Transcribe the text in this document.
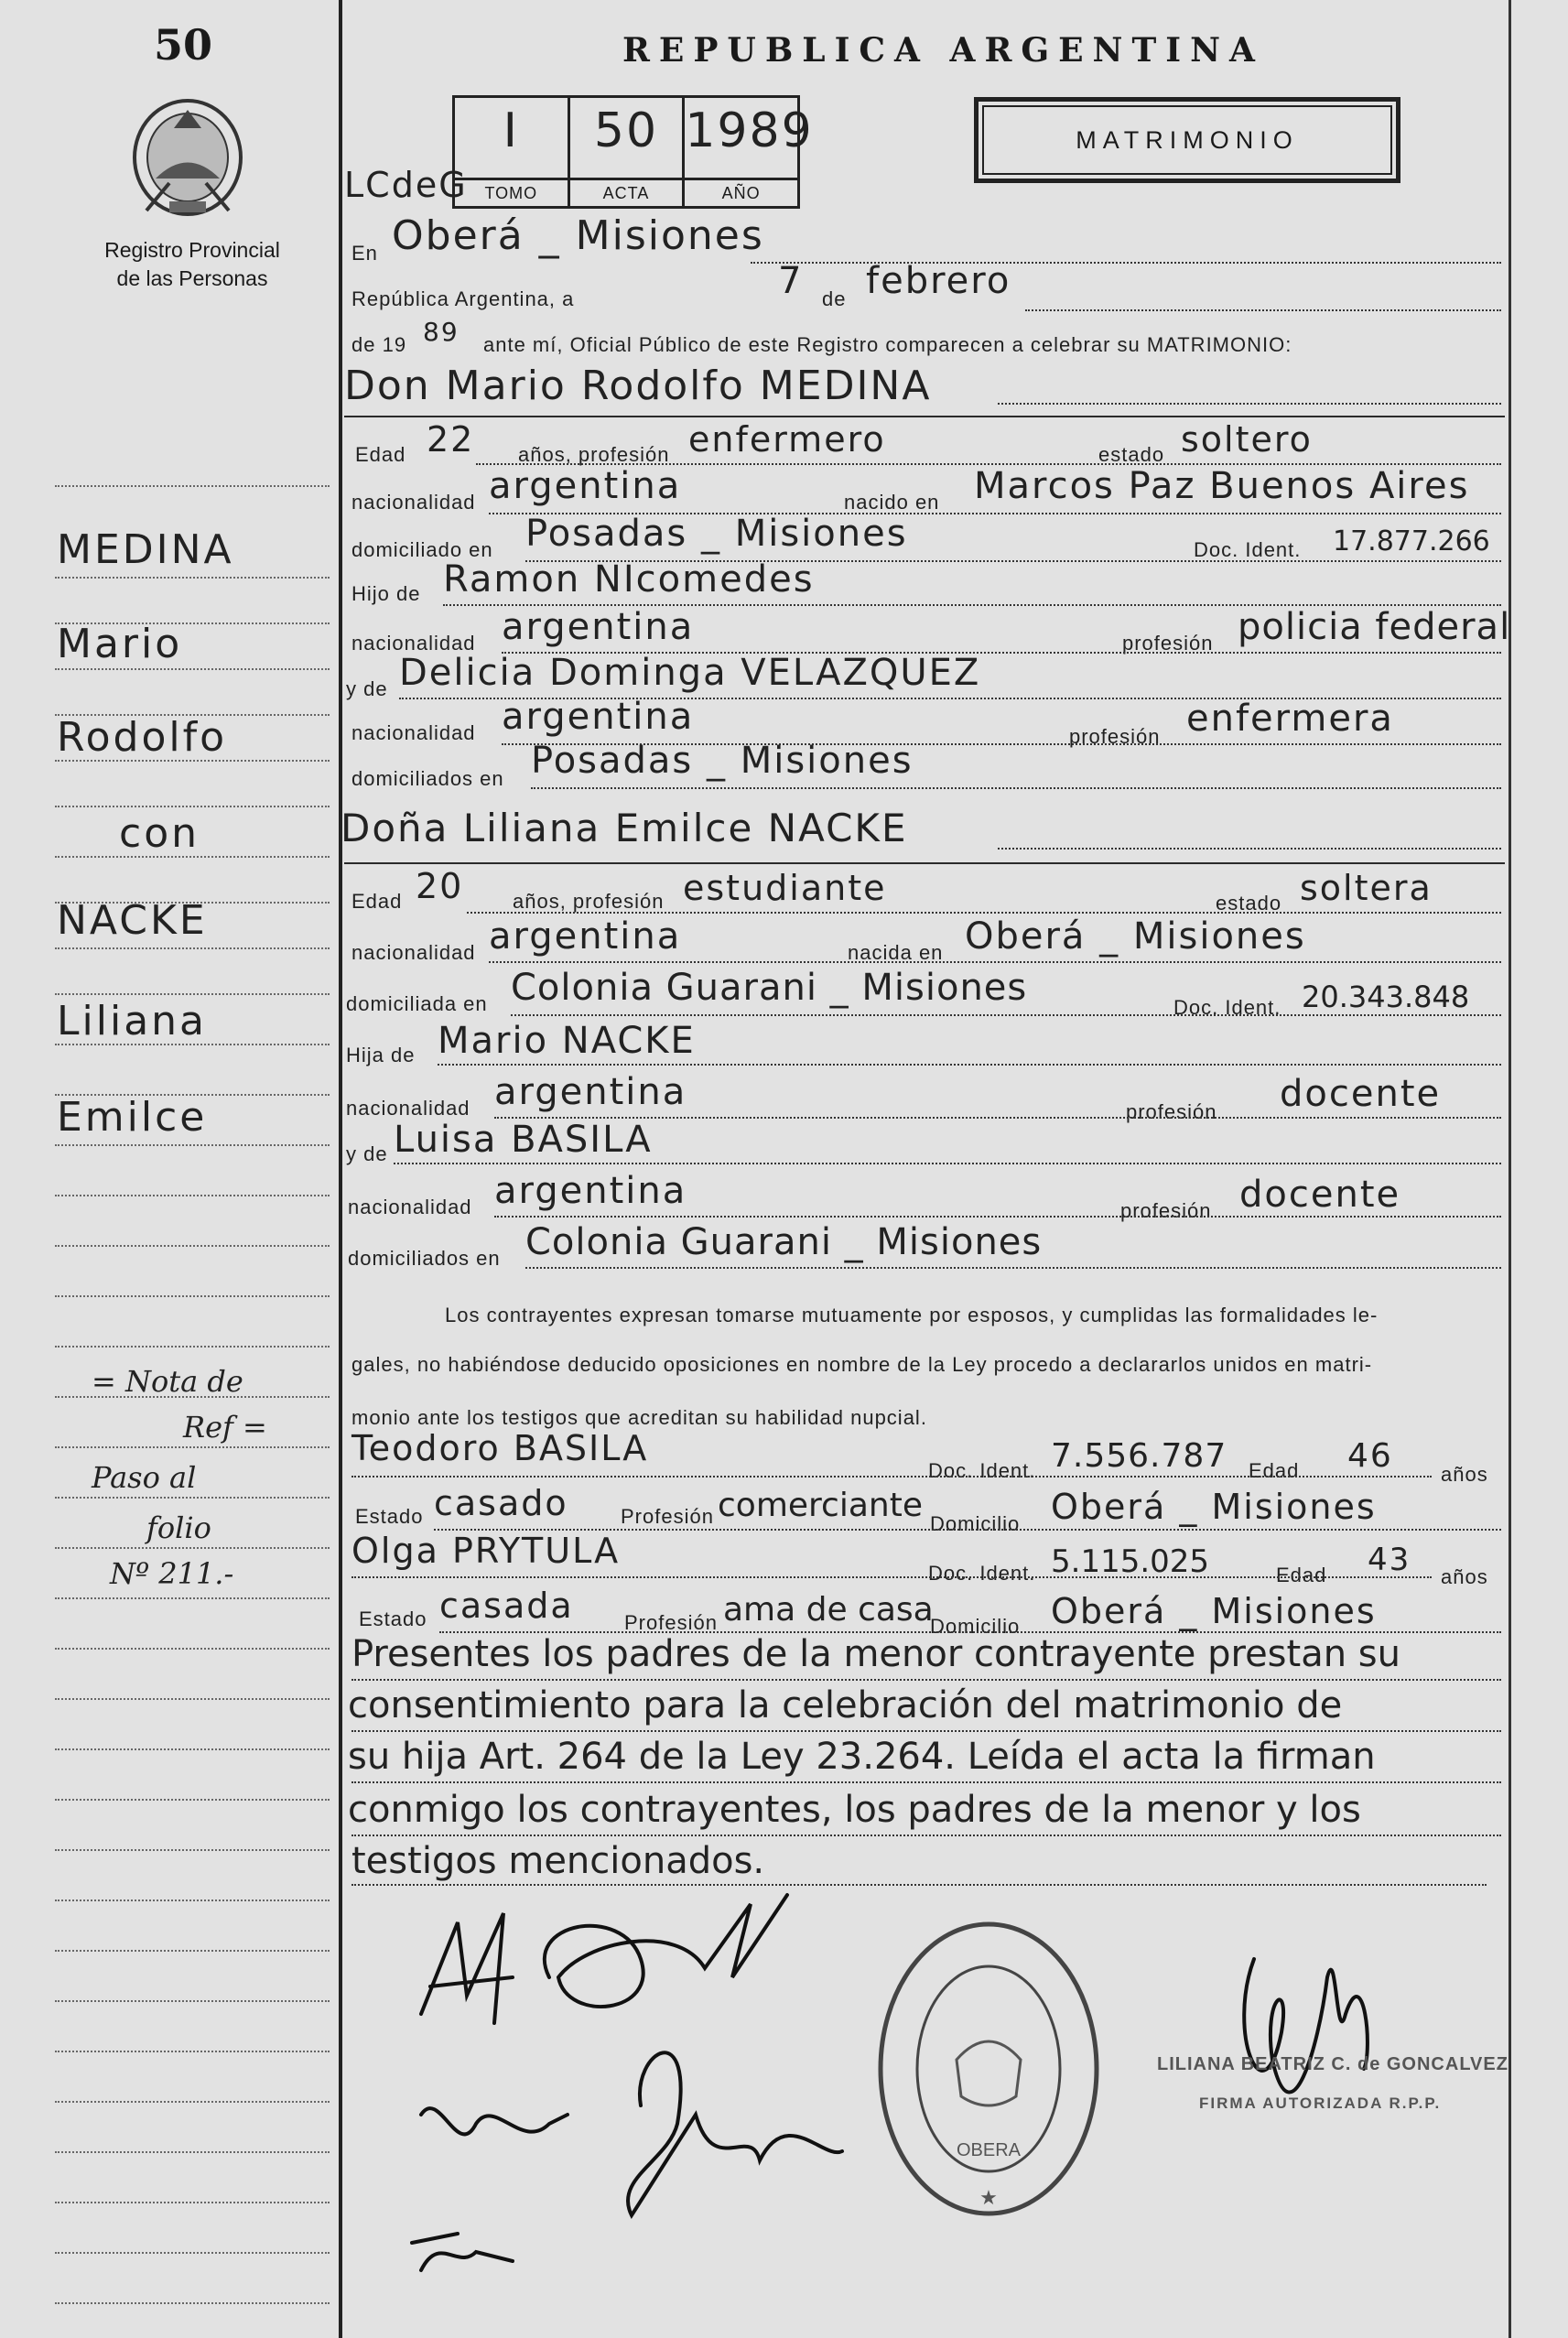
50	REPUBLICA ARGENTINA
Registro Provincial
de las Personas
LCdeG
I
TOMO
50
ACTA
1989
AÑO
MATRIMONIO
MEDINA
Mario
Rodolfo
con
NACKE
Liliana
Emilce
= Nota de
Ref =
Paso al
folio
Nº 211.-
En Oberá _ Misiones
República Argentina, a	7 de febrero
de 19 89 ante mí, Oficial Público de este Registro comparecen a celebrar su MATRIMONIO:
Don Mario Rodolfo MEDINA
Edad 22 años, profesión enfermero	estado soltero
nacionalidad argentina	nacido en Marcos Paz Buenos Aires
domiciliado en Posadas _ Misiones	Doc. Ident. 17.877.266
Hijo de Ramon NIcomedes
nacionalidad argentina	profesión policia federal
y de Delicia Dominga VELAZQUEZ
nacionalidad argentina	profesión enfermera
domiciliados en Posadas _ Misiones
Doña Liliana Emilce NACKE
Edad 20 años, profesión estudiante	estado soltera
nacionalidad argentina	nacida en Oberá _ Misiones
domiciliada en Colonia Guarani _ Misiones	Doc. Ident. 20.343.848
Hija de Mario NACKE
nacionalidad argentina	profesión docente
y de Luisa BASILA
nacionalidad argentina	profesión docente
domiciliados en Colonia Guarani _ Misiones
Los contrayentes expresan tomarse mutuamente por esposos, y cumplidas las formalidades le-
gales, no habiéndose deducido oposiciones en nombre de la Ley procedo a declararlos unidos en matri-
monio ante los testigos que acreditan su habilidad nupcial.
Teodoro BASILA
Doc. Ident. 7.556.787 Edad 46 años
Estado casado	Profesión comerciante Domicilio Oberá _ Misiones
Olga PRYTULA
Doc. Ident. 5.115.025	Edad 43 años
Estado casada	Profesión ama de casa
Domicilio Oberá _ Misiones
Presentes los padres de la menor contrayente prestan su
consentimiento para la celebración del matrimonio de
su hija Art. 264 de la Ley 23.264. Leída el acta la firman
conmigo los contrayentes, los padres de la menor y los
testigos mencionados.
OBERA
★
LILIANA BEATRIZ C. de GONCALVEZ
FIRMA AUTORIZADA R.P.P.
